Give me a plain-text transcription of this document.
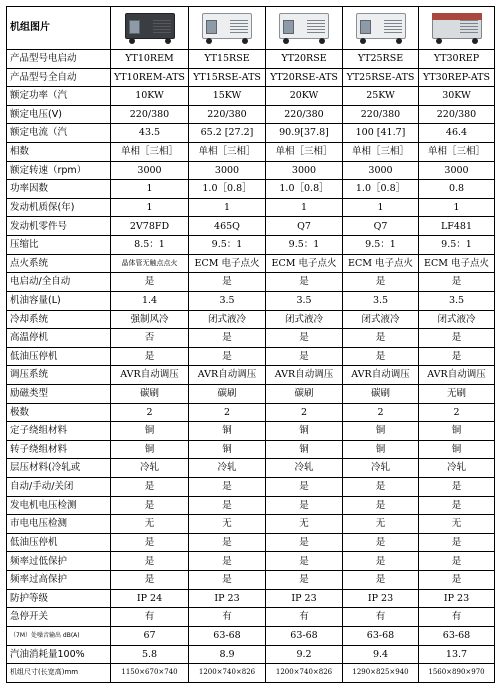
机组图片	

产品型号电启动	YT10REM	YT15RSE	YT20RSE	YT25RSE	YT30REP
产品型号全自动	YT10REM-ATS	YT15RSE-ATS	YT20RSE-ATS	YT25RSE-ATS	YT30REP-ATS
额定功率（汽	10KW	15KW	20KW	25KW	30KW
额定电压(V)	220/380	220/380	220/380	220/380	220/380
额定电流（汽	43.5	65.2 [27.2]	90.9[37.8]	100 [41.7]	46.4
相数	单相［三相］	单相［三相］	单相［三相］	单相［三相］	单相［三相］
额定转速（rpm）	3000	3000	3000	3000	3000
功率因数	1	1.0［0.8］	1.0［0.8］	1.0［0.8］	0.8
发动机质保(年)	1	1	1	1	1
发动机零件号	2V78FD	465Q	Q7	Q7	LF481
压缩比	8.5：1	9.5：1	9.5：1	9.5：1	9.5：1
点火系统	晶体管无触点点火	ECM 电子点火	ECM 电子点火	ECM 电子点火	ECM 电子点火
电启动/全自动	是	是	是	是	是
机油容量(L)	1.4	3.5	3.5	3.5	3.5
冷却系统	强制风冷	闭式液冷	闭式液冷	闭式液冷	闭式液冷
高温停机	否	是	是	是	是
低油压停机	是	是	是	是	是
调压系统	AVR自动调压	AVR自动调压	AVR自动调压	AVR自动调压	AVR自动调压
励磁类型	碳刷	碳刷	碳刷	碳刷	无刷
极数	2	2	2	2	2
定子绕组材料	铜	铜	铜	铜	铜
转子绕组材料	铜	铜	铜	铜	铜
层压材料(冷轧或	冷轧	冷轧	冷轧	冷轧	冷轧
自动/手动/关闭	是	是	是	是	是
发电机电压检测	是	是	是	是	是
市电电压检测	无	无	无	无	无
低油压停机	是	是	是	是	是
频率过低保护	是	是	是	是	是
频率过高保护	是	是	是	是	是
防护等级	IP 24	IP 23	IP 23	IP 23	IP 23
急停开关	有	有	有	有	有
（7M）处噪音输出 dB(A)	67	63-68	63-68	63-68	63-68
汽油消耗量100%	5.8	8.9	9.2	9.4	13.7
机组尺寸(长宽高)mm	1150×670×740	1200×740×826	1200×740×826	1290×825×940	1560×890×970
